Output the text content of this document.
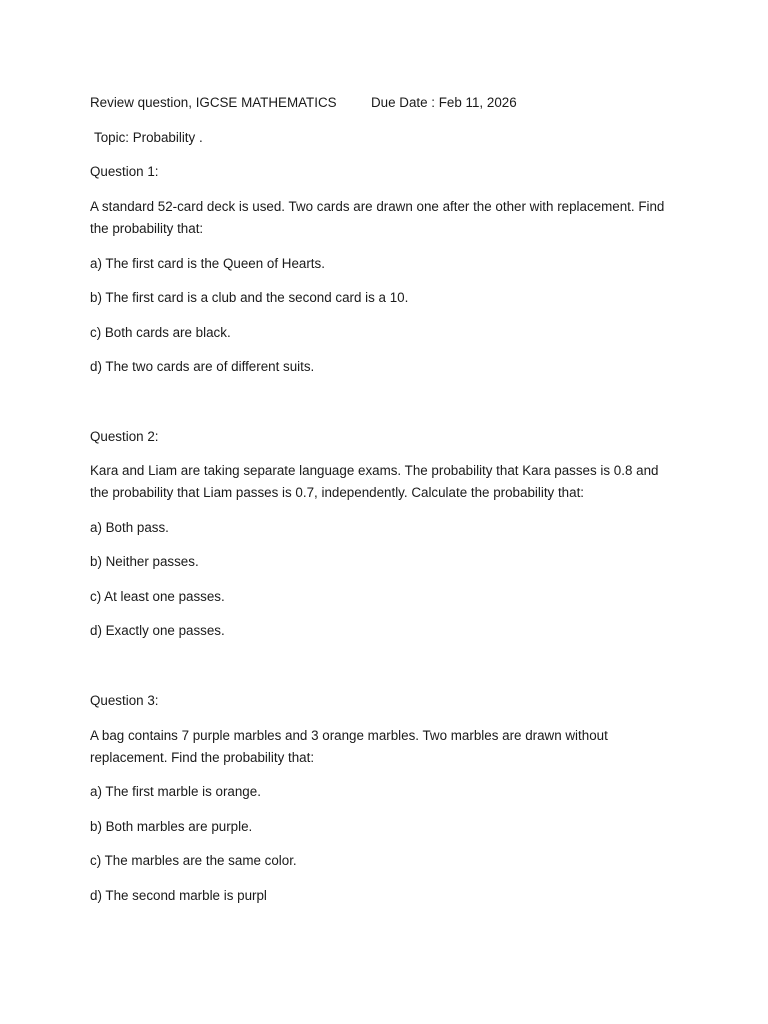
Review question, IGCSE MATHEMATICS	Due Date : Feb 11, 2026
Topic: Probability .
Question 1:
A standard 52-card deck is used. Two cards are drawn one after the other with replacement. Find the probability that:
a) The first card is the Queen of Hearts.
b) The first card is a club and the second card is a 10.
c) Both cards are black.
d) The two cards are of different suits.
Question 2:
Kara and Liam are taking separate language exams. The probability that Kara passes is 0.8 and the probability that Liam passes is 0.7, independently. Calculate the probability that:
a) Both pass.
b) Neither passes.
c) At least one passes.
d) Exactly one passes.
Question 3:
A bag contains 7 purple marbles and 3 orange marbles. Two marbles are drawn without replacement. Find the probability that:
a) The first marble is orange.
b) Both marbles are purple.
c) The marbles are the same color.
d) The second marble is purpl
